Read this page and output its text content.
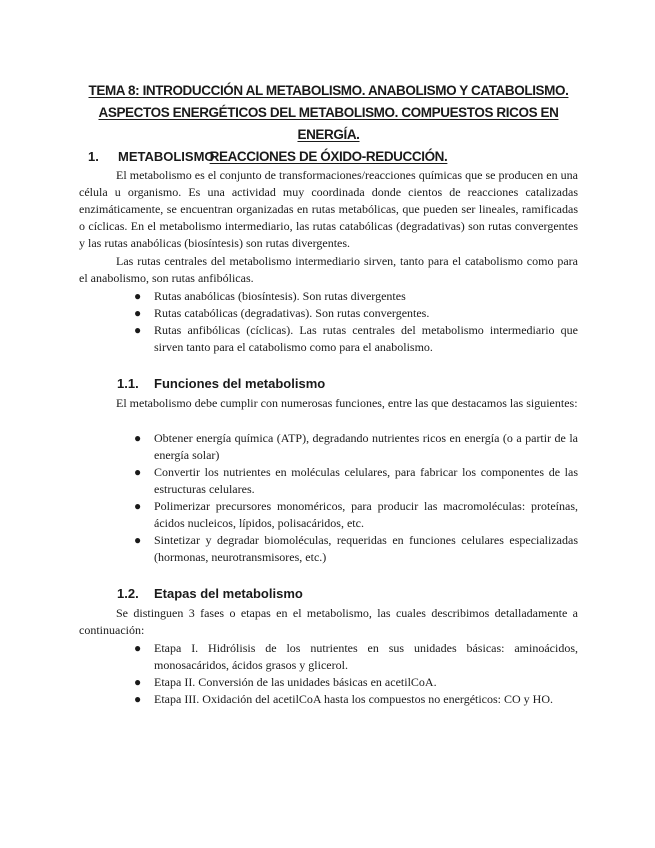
TEMA 8: INTRODUCCIÓN AL METABOLISMO. ANABOLISMO Y CATABOLISMO.
ASPECTOS ENERGÉTICOS DEL METABOLISMO. COMPUESTOS RICOS EN ENERGÍA.
REACCIONES DE ÓXIDO-REDUCCIÓN.
1. METABOLISMO

El metabolismo es el conjunto de transformaciones/reacciones químicas que se producen en una célula u organismo. Es una actividad muy coordinada donde cientos de reacciones catalizadas enzimáticamente, se encuentran organizadas en rutas metabólicas, que pueden ser lineales, ramificadas o cíclicas. En el metabolismo intermediario, las rutas catabólicas (degradativas) son rutas convergentes y las rutas anabólicas (biosíntesis) son rutas divergentes.

Las rutas centrales del metabolismo intermediario sirven, tanto para el catabolismo como para el anabolismo, son rutas anfibólicas.

● Rutas anabólicas (biosíntesis). Son rutas divergentes
● Rutas catabólicas (degradativas). Son rutas convergentes.
● Rutas anfibólicas (cíclicas). Las rutas centrales del metabolismo intermediario que sirven tanto para el catabolismo como para el anabolismo.
1.1. Funciones del metabolismo

El metabolismo debe cumplir con numerosas funciones, entre las que destacamos las siguientes:

● Obtener energía química (ATP), degradando nutrientes ricos en energía (o a partir de la energía solar)
● Convertir los nutrientes en moléculas celulares, para fabricar los componentes de las estructuras celulares.
● Polimerizar precursores monoméricos, para producir las macromoléculas: proteínas, ácidos nucleicos, lípidos, polisacáridos, etc.
● Sintetizar y degradar biomoléculas, requeridas en funciones celulares especializadas (hormonas, neurotransmisores, etc.)
1.2. Etapas del metabolismo

Se distinguen 3 fases o etapas en el metabolismo, las cuales describimos detalladamente a continuación:

● Etapa I. Hidrólisis de los nutrientes en sus unidades básicas: aminoácidos, monosacáridos, ácidos grasos y glicerol.
● Etapa II. Conversión de las unidades básicas en acetilCoA.
● Etapa III. Oxidación del acetilCoA hasta los compuestos no energéticos: CO y HO.
